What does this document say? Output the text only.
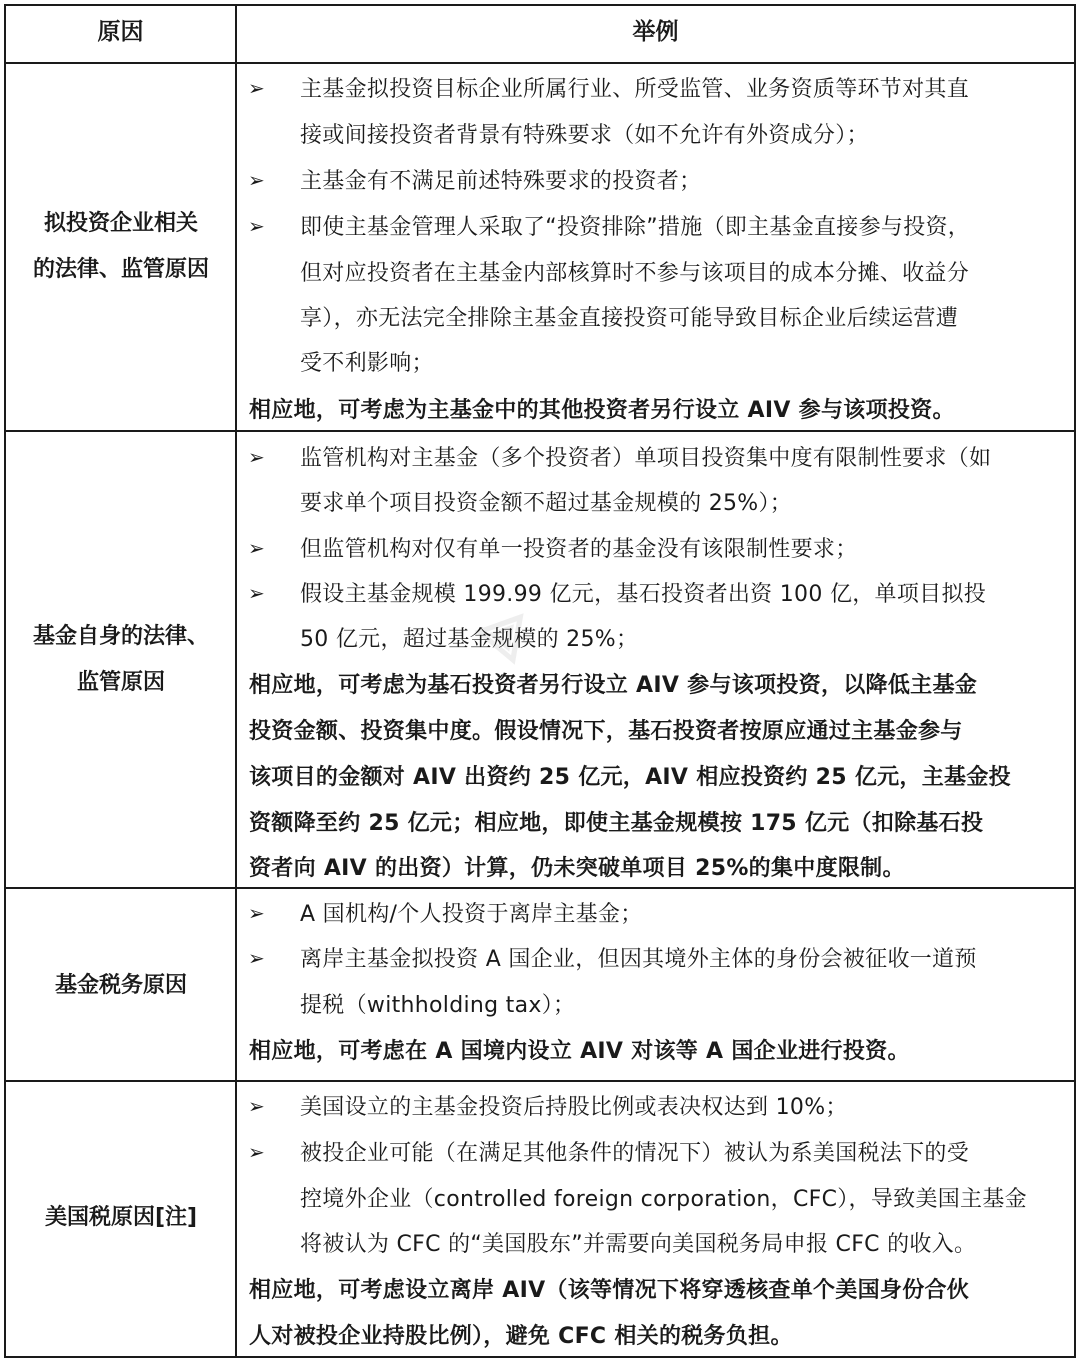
⟁
原因	举例
拟投资企业相关
的法律、监管原因
➢ 主基金拟投资目标企业所属行业、所受监管、业务资质等环节对其直
接或间接投资者背景有特殊要求（如不允许有外资成分）；
➢ 主基金有不满足前述特殊要求的投资者；
➢ 即使主基金管理人采取了“投资排除”措施（即主基金直接参与投资，
但对应投资者在主基金内部核算时不参与该项目的成本分摊、收益分
享），亦无法完全排除主基金直接投资可能导致目标企业后续运营遭
受不利影响；
相应地，可考虑为主基金中的其他投资者另行设立 AIV 参与该项投资。
基金自身的法律、
监管原因
➢ 监管机构对主基金（多个投资者）单项目投资集中度有限制性要求（如
要求单个项目投资金额不超过基金规模的 25%）；
➢ 但监管机构对仅有单一投资者的基金没有该限制性要求；
➢ 假设主基金规模 199.99 亿元，基石投资者出资 100 亿，单项目拟投
50 亿元，超过基金规模的 25%；
相应地，可考虑为基石投资者另行设立 AIV 参与该项投资，以降低主基金
投资金额、投资集中度。假设情况下，基石投资者按原应通过主基金参与
该项目的金额对 AIV 出资约 25 亿元，AIV 相应投资约 25 亿元，主基金投
资额降至约 25 亿元；相应地，即使主基金规模按 175 亿元（扣除基石投
资者向 AIV 的出资）计算，仍未突破单项目 25%的集中度限制。
基金税务原因
➢ A 国机构/个人投资于离岸主基金；
➢ 离岸主基金拟投资 A 国企业，但因其境外主体的身份会被征收一道预
提税（withholding tax）；
相应地，可考虑在 A 国境内设立 AIV 对该等 A 国企业进行投资。
美国税原因[注]
➢ 美国设立的主基金投资后持股比例或表决权达到 10%；
➢ 被投企业可能（在满足其他条件的情况下）被认为系美国税法下的受
控境外企业（controlled foreign corporation，CFC），导致美国主基金
将被认为 CFC 的“美国股东”并需要向美国税务局申报 CFC 的收入。
相应地，可考虑设立离岸 AIV（该等情况下将穿透核查单个美国身份合伙
人对被投企业持股比例），避免 CFC 相关的税务负担。
